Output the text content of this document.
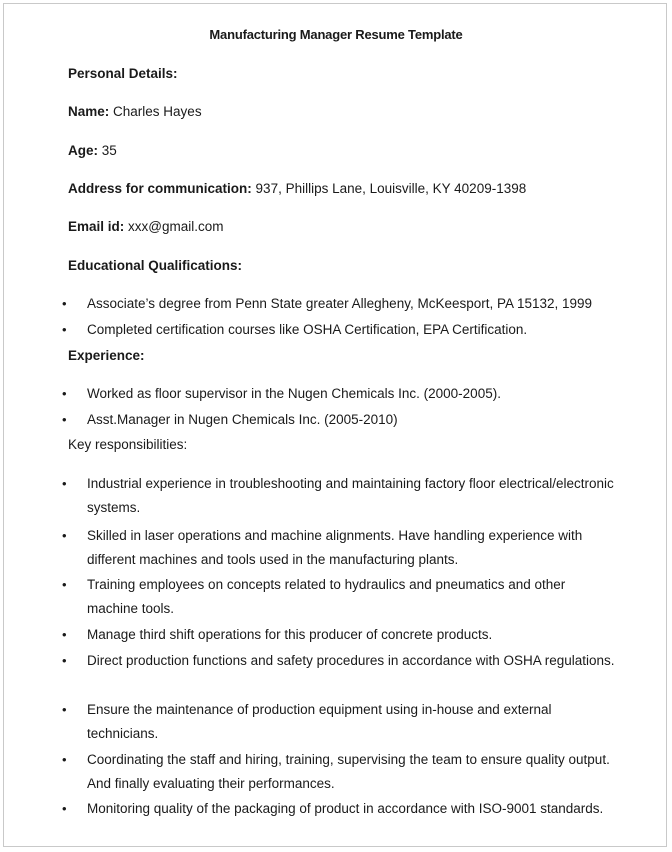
Manufacturing Manager Resume Template
Personal Details:
Name: Charles Hayes
Age: 35
Address for communication: 937, Phillips Lane, Louisville, KY 40209-1398
Email id: xxx@gmail.com
Educational Qualifications:
• Associate’s degree from Penn State greater Allegheny, McKeesport, PA 15132, 1999
• Completed certification courses like OSHA Certification, EPA Certification.
Experience:
• Worked as floor supervisor in the Nugen Chemicals Inc. (2000-2005).
• Asst.Manager in Nugen Chemicals Inc. (2005-2010)
Key responsibilities:
• Industrial experience in troubleshooting and maintaining factory floor electrical/electronic systems.
• Skilled in laser operations and machine alignments. Have handling experience with different machines and tools used in the manufacturing plants.
• Training employees on concepts related to hydraulics and pneumatics and other machine tools.
• Manage third shift operations for this producer of concrete products.
• Direct production functions and safety procedures in accordance with OSHA regulations.
• Ensure the maintenance of production equipment using in-house and external technicians.
• Coordinating the staff and hiring, training, supervising the team to ensure quality output. And finally evaluating their performances.
• Monitoring quality of the packaging of product in accordance with ISO-9001 standards.
